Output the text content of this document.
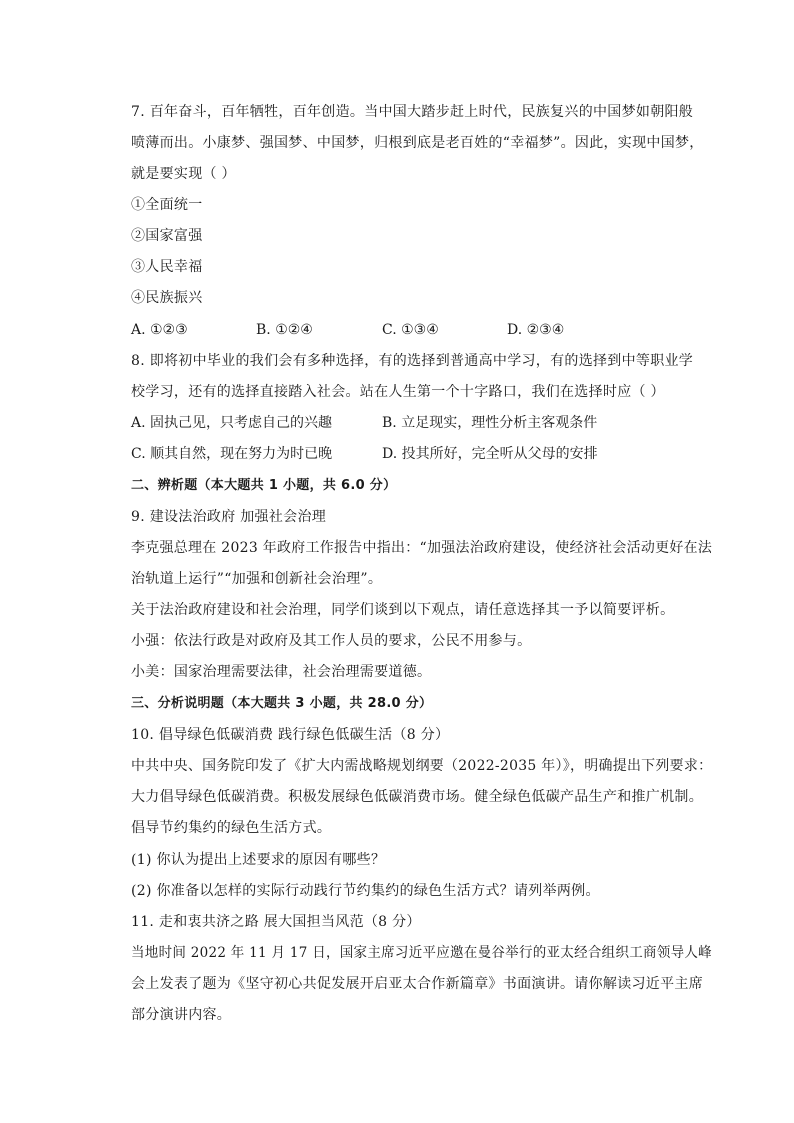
7. 百年奋斗，百年牺牲，百年创造。当中国大踏步赶上时代，民族复兴的中国梦如朝阳般
喷薄而出。小康梦、强国梦、中国梦，归根到底是老百姓的“幸福梦”。因此，实现中国梦，
就是要实现（ ）
①全面统一
②国家富强
③人民幸福
④民族振兴
A. ①②③	B. ①②④	C. ①③④	D. ②③④
8. 即将初中毕业的我们会有多种选择，有的选择到普通高中学习，有的选择到中等职业学
校学习，还有的选择直接踏入社会。站在人生第一个十字路口，我们在选择时应（ ）
A. 固执己见，只考虑自己的兴趣	B. 立足现实，理性分析主客观条件
C. 顺其自然，现在努力为时已晚	D. 投其所好，完全听从父母的安排
二、辨析题（本大题共 1 小题，共 6.0 分）
9. 建设法治政府 加强社会治理
李克强总理在 2023 年政府工作报告中指出：“加强法治政府建设，使经济社会活动更好在法
治轨道上运行”“加强和创新社会治理”。
关于法治政府建设和社会治理，同学们谈到以下观点，请任意选择其一予以简要评析。
小强：依法行政是对政府及其工作人员的要求，公民不用参与。
小美：国家治理需要法律，社会治理需要道德。
三、分析说明题（本大题共 3 小题，共 28.0 分）
10. 倡导绿色低碳消费 践行绿色低碳生活（8 分）
中共中央、国务院印发了《扩大内需战略规划纲要（2022-2035 年）》，明确提出下列要求：
大力倡导绿色低碳消费。积极发展绿色低碳消费市场。健全绿色低碳产品生产和推广机制。
倡导节约集约的绿色生活方式。
(1) 你认为提出上述要求的原因有哪些？
(2) 你准备以怎样的实际行动践行节约集约的绿色生活方式？请列举两例。
11. 走和衷共济之路 展大国担当风范（8 分）
当地时间 2022 年 11 月 17 日，国家主席习近平应邀在曼谷举行的亚太经合组织工商领导人峰
会上发表了题为《坚守初心共促发展开启亚太合作新篇章》书面演讲。请你解读习近平主席
部分演讲内容。
